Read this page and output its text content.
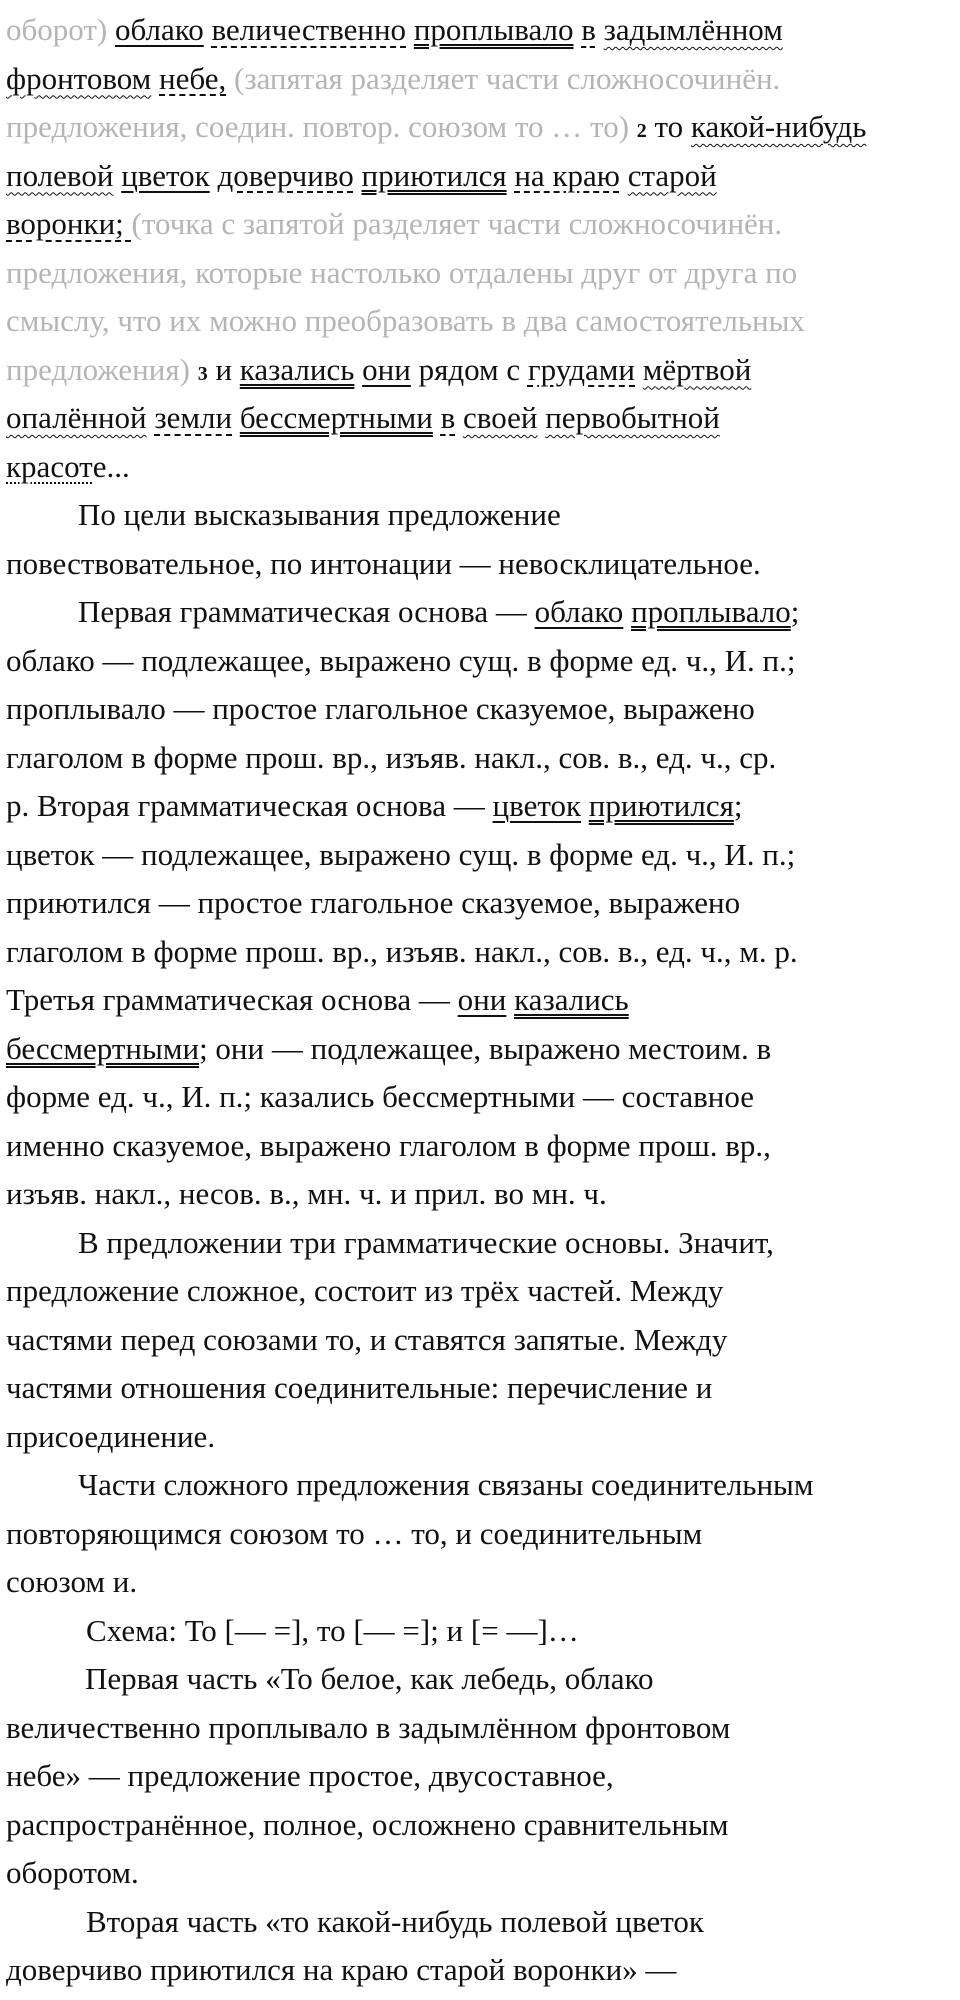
оборот) облако величественно проплывало в задымлённом
фронтовом небе, (запятая разделяет части сложносочинён.
предложения, соедин. повтор. союзом то … то) 2 то какой-нибудь
полевой цветок доверчиво приютился на краю старой
воронки; (точка с запятой разделяет части сложносочинён.
предложения, которые настолько отдалены друг от друга по
смыслу, что их можно преобразовать в два самостоятельных
предложения) 3 и казались они рядом с грудами мёртвой
опалённой земли бессмертными в своей первобытной
красоте...
По цели высказывания предложение
повествовательное, по интонации — невосклицательное.
Первая грамматическая основа — облако проплывало;
облако — подлежащее, выражено сущ. в форме ед. ч., И. п.;
проплывало — простое глагольное сказуемое, выражено
глаголом в форме прош. вр., изъяв. накл., сов. в., ед. ч., ср.
р. Вторая грамматическая основа — цветок приютился;
цветок — подлежащее, выражено сущ. в форме ед. ч., И. п.;
приютился — простое глагольное сказуемое, выражено
глаголом в форме прош. вр., изъяв. накл., сов. в., ед. ч., м. р.
Третья грамматическая основа — они казались
бессмертными; они — подлежащее, выражено местоим. в
форме ед. ч., И. п.; казались бессмертными — составное
именно сказуемое, выражено глаголом в форме прош. вр.,
изъяв. накл., несов. в., мн. ч. и прил. во мн. ч.
В предложении три грамматические основы. Значит,
предложение сложное, состоит из трёх частей. Между
частями перед союзами то, и ставятся запятые. Между
частями отношения соединительные: перечисление и
присоединение.
Части сложного предложения связаны соединительным
повторяющимся союзом то … то, и соединительным
союзом и.
Схема: То [— =], то [— =]; и [= —]…
Первая часть «То белое, как лебедь, облако
величественно проплывало в задымлённом фронтовом
небе» — предложение простое, двусоставное,
распространённое, полное, осложнено сравнительным
оборотом.
Вторая часть «то какой-нибудь полевой цветок
доверчиво приютился на краю старой воронки» —
